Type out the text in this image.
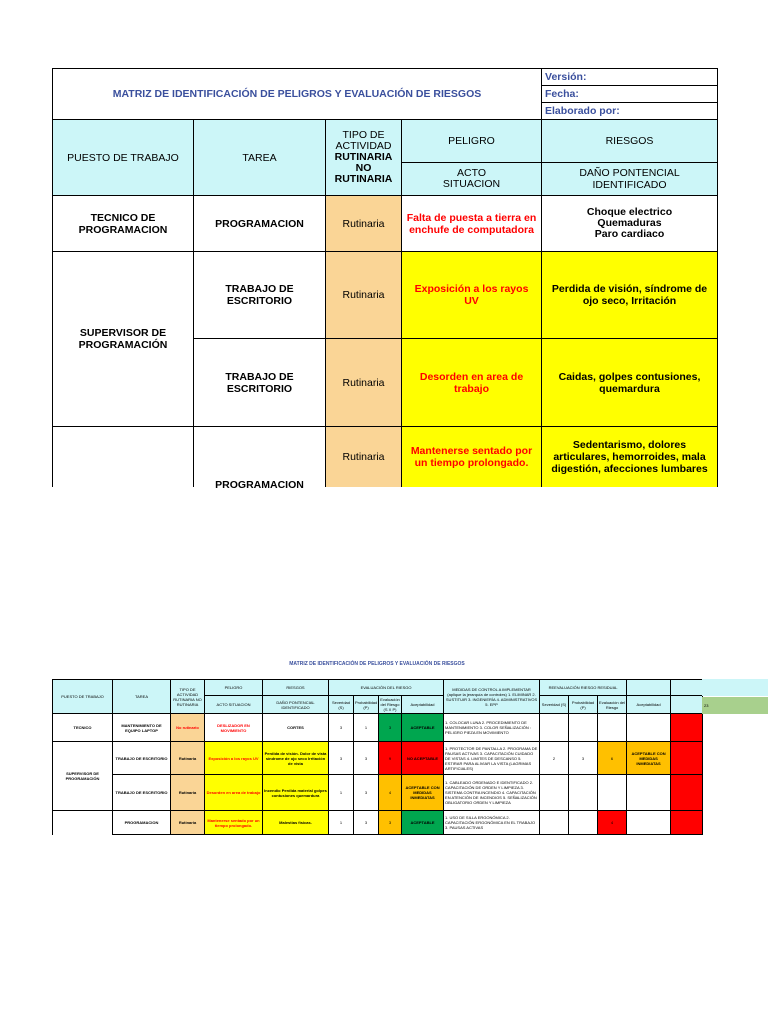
MATRIZ DE IDENTIFICACIÓN DE PELIGROS Y EVALUACIÓN DE RIESGOS				Versión:
				Fecha:
				Elaborado por:
PUESTO DE TRABAJO	TAREA	TIPO DE ACTIVIDAD
RUTINARIA
NO RUTINARIA	PELIGRO	RIESGOS

			ACTO
SITUACION	DAÑO PONTENCIAL IDENTIFICADO
TECNICO DE PROGRAMACION	PROGRAMACION	Rutinaria	Falta de puesta a tierra en enchufe de computadora	Choque electrico
Quemaduras
Paro cardiaco

SUPERVISOR DE PROGRAMACIÓN	TRABAJO DE ESCRITORIO	Rutinaria	Exposición a los rayos UV	Perdida de visión, síndrome de ojo seco, Irritación
	TRABAJO DE ESCRITORIO	Rutinaria	Desorden en area de trabajo	Caidas, golpes contusiones, quemardura

	PROGRAMACION	Rutinaria	Mantenerse sentado por un tiempo prolongado.	Sedentarismo, dolores articulares, hemorroides, mala digestión, afecciones lumbares
MATRIZ DE IDENTIFICACIÓN DE PELIGROS Y EVALUACIÓN DE RIESGOS
PUESTO DE TRABAJO	TAREA	TIPO DE ACTIVIDAD RUTINARIA NO RUTINARIA	PELIGRO	RIESGOS	EVALUACIÓN DEL RIESGO				MEDIDAS DE CONTROL A IMPLEMENTAR (aplique la jerarquía de controles) 1. ELIMINAR 2. SUSTITUIR 3. INGENIERÍA 4. ADMINISTRATIVOS 5. EPP	REEVALUACIÓN RIESGO RESIDUAL				
			ACTO SITUACION	DAÑO PONTENCIAL IDENTIFICADO	Severidad (S)	Probabilidad (P)	Evaluación del Riesgo (S X P)	Aceptabilidad		Severidad (S)	Probabilidad (P)	Evaluación del Riesgo	Aceptabilidad	
TECNICO	MANTENIMIENTO DE EQUIPO LAPTOP	No rutinario	DESLIZADOR EN MOVIMIENTO	CORTES	3	1	3	ACEPTABLE	1. COLOCAR LUNA 2. PROCEDIMIENTO DE MANTENIMIENTO 3. COLOR SEÑALIZACIÓN : PELIGRO PIEZA EN MOVIMIENTO					
SUPERVISOR DE PROGRAMACIÓN	TRABAJO DE ESCRITORIO	Rutinaria	Exposición a los rayos UV	Perdida de visión. Dolor de vista síndrome de ojo seco Irritación de vista	3	3	9	NO ACEPTABLE	1. PROTECTOR DE PANTALLA 2. PROGRAMA DE PAUSAS ACTIVAS 3. CAPACITACIÓN CUIDADO DE VISTAS 4. LIMITES DE DESCANSO 5. ESTIRAR PARA ALIVIAR LA VISTA (LAGRIMAS ARTIFICIALES)	2	3	6	ACEPTABLE CON MEDIDAS INMEDIATAS	
	TRABAJO DE ESCRITORIO	Rutinaria	Desorden en area de trabajo	Incendio Perdida material golpes contusiones quemardura	1	3	4	ACEPTABLE CON MEDIDAS INMEDIATAS	1. CABLEADO ORDENADO E IDENTIFICADO 2. CAPACITACIÓN DE ORDEN Y LIMPIEZA 3. SISTEMA CONTRA INCENDIO 4. CAPACITACIÓN EN ATENCIÓN DE INCENDIOS 5. SEÑALIZACIÓN OBLIGATORIO ORDEN Y LIMPIEZA					
	PROGRAMACION	Rutinaria	Mantenerse sentado por un tiempo prolongado.	Malestias físicas.	1	3	3	ACEPTABLE	1. USO DE SILLA ERGONÓMICA 2. CAPACITACIÓN ERGONÓMICA EN EL TRABAJO 3. PAUSAS ACTIVAS			4		
23
